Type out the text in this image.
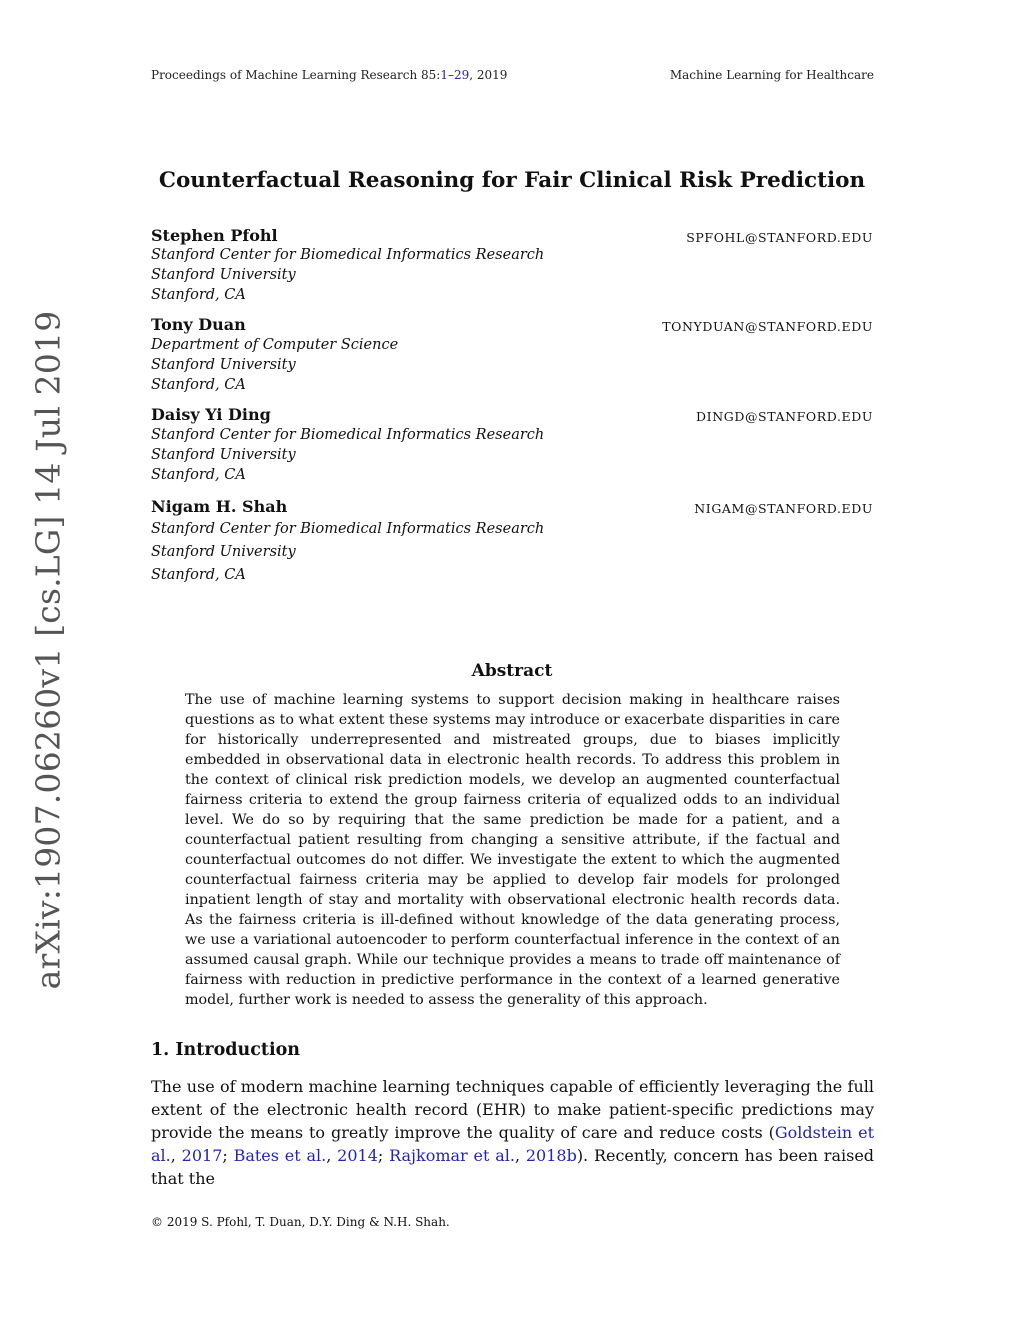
Proceedings of Machine Learning Research 85:1–29, 2019	Machine Learning for Healthcare
arXiv:1907.06260v1 [cs.LG] 14 Jul 2019
Counterfactual Reasoning for Fair Clinical Risk Prediction
Stephen Pfohl	SPFOHL@STANFORD.EDU
Stanford Center for Biomedical Informatics Research
Stanford University
Stanford, CA
Tony Duan	TONYDUAN@STANFORD.EDU
Department of Computer Science
Stanford University
Stanford, CA
Daisy Yi Ding	DINGD@STANFORD.EDU
Stanford Center for Biomedical Informatics Research
Stanford University
Stanford, CA
Nigam H. Shah	NIGAM@STANFORD.EDU
Stanford Center for Biomedical Informatics Research
Stanford University
Stanford, CA
Abstract
The use of machine learning systems to support decision making in healthcare raises questions as to what extent these systems may introduce or exacerbate disparities in care for historically underrepresented and mistreated groups, due to biases implicitly embedded in observational data in electronic health records. To address this problem in the context of clinical risk prediction models, we develop an augmented counterfactual fairness criteria to extend the group fairness criteria of equalized odds to an individual level. We do so by requiring that the same prediction be made for a patient, and a counterfactual patient resulting from changing a sensitive attribute, if the factual and counterfactual outcomes do not differ. We investigate the extent to which the augmented counterfactual fairness criteria may be applied to develop fair models for prolonged inpatient length of stay and mortality with observational electronic health records data. As the fairness criteria is ill-defined without knowledge of the data generating process, we use a variational autoencoder to perform counterfactual inference in the context of an assumed causal graph. While our technique provides a means to trade off maintenance of fairness with reduction in predictive performance in the context of a learned generative model, further work is needed to assess the generality of this approach.
1. Introduction
The use of modern machine learning techniques capable of efficiently leveraging the full extent of the electronic health record (EHR) to make patient-specific predictions may provide the means to greatly improve the quality of care and reduce costs (Goldstein et al., 2017; Bates et al., 2014; Rajkomar et al., 2018b). Recently, concern has been raised that the
© 2019 S. Pfohl, T. Duan, D.Y. Ding & N.H. Shah.
